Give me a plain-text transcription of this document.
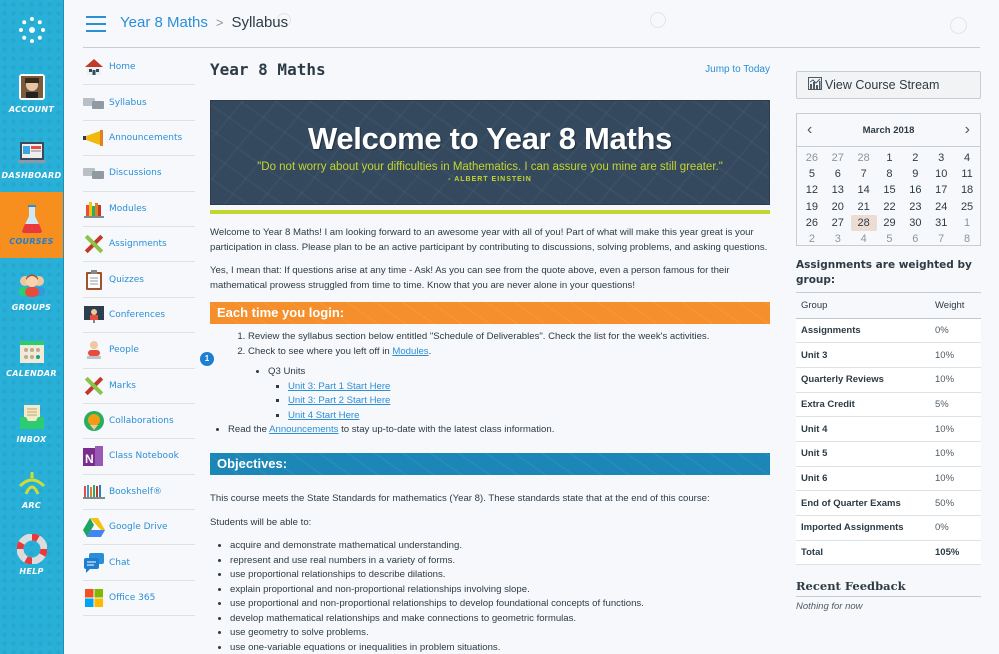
ACCOUNT
DASHBOARD
COURSES
GROUPS
CALENDAR
INBOX
ARC
HELP
Year 8 Maths > Syllabus
Home
Syllabus
Announcements
Discussions
Modules
Assignments
Quizzes
Conferences
People
Marks
Collaborations
N Class Notebook
Bookshelf®
Google Drive
Chat
Office 365
Year 8 Maths	Jump to Today
Welcome to Year 8 Maths
"Do not worry about your difficulties in Mathematics. I can assure you mine are still greater."
- ALBERT EINSTEIN

Welcome to Year 8 Maths! I am looking forward to an awesome year with all of you! Part of what will make this year great is your participation in class. Please plan to be an active participant by contributing to discussions, solving problems, and asking questions.

Yes, I mean that: If questions arise at any time - Ask! As you can see from the quote above, even a person famous for their mathematical prowess struggled from time to time. Know that you are never alone in your questions!

Each time you login:
1. Review the syllabus section below entitled "Schedule of Deliverables". Check the list for the week's activities.
2. Check to see where you left off in Modules.
• Q3 Units
▪ Unit 3: Part 1 Start Here
▪ Unit 3: Part 2 Start Here
▪ Unit 4 Start Here
• Read the Announcements to stay up-to-date with the latest class information.
Objectives:

This course meets the State Standards for mathematics (Year 8). These standards state that at the end of this course:

Students will be able to:

• acquire and demonstrate mathematical understanding.
• represent and use real numbers in a variety of forms.
• use proportional relationships to describe dilations.
• explain proportional and non-proportional relationships involving slope.
• use proportional and non-proportional relationships to develop foundational concepts of functions.
• develop mathematical relationships and make connections to geometric formulas.
• use geometry to solve problems.
• use one-variable equations or inequalities in problem situations.
1
View Course Stream
‹	March 2018	›
26	27	28	1	2	3	4
5	6	7	8	9	10	11
12	13	14	15	16	17	18
19	20	21	22	23	24	25
26	27	28	29	30	31	1
2	3	4	5	6	7	8
Assignments are weighted by group:
Group	Weight
Assignments	0%
Unit 3	10%
Quarterly Reviews	10%
Extra Credit	5%
Unit 4	10%
Unit 5	10%
Unit 6	10%
End of Quarter Exams	50%
Imported Assignments	0%
Total	105%
Recent Feedback
Nothing for now
